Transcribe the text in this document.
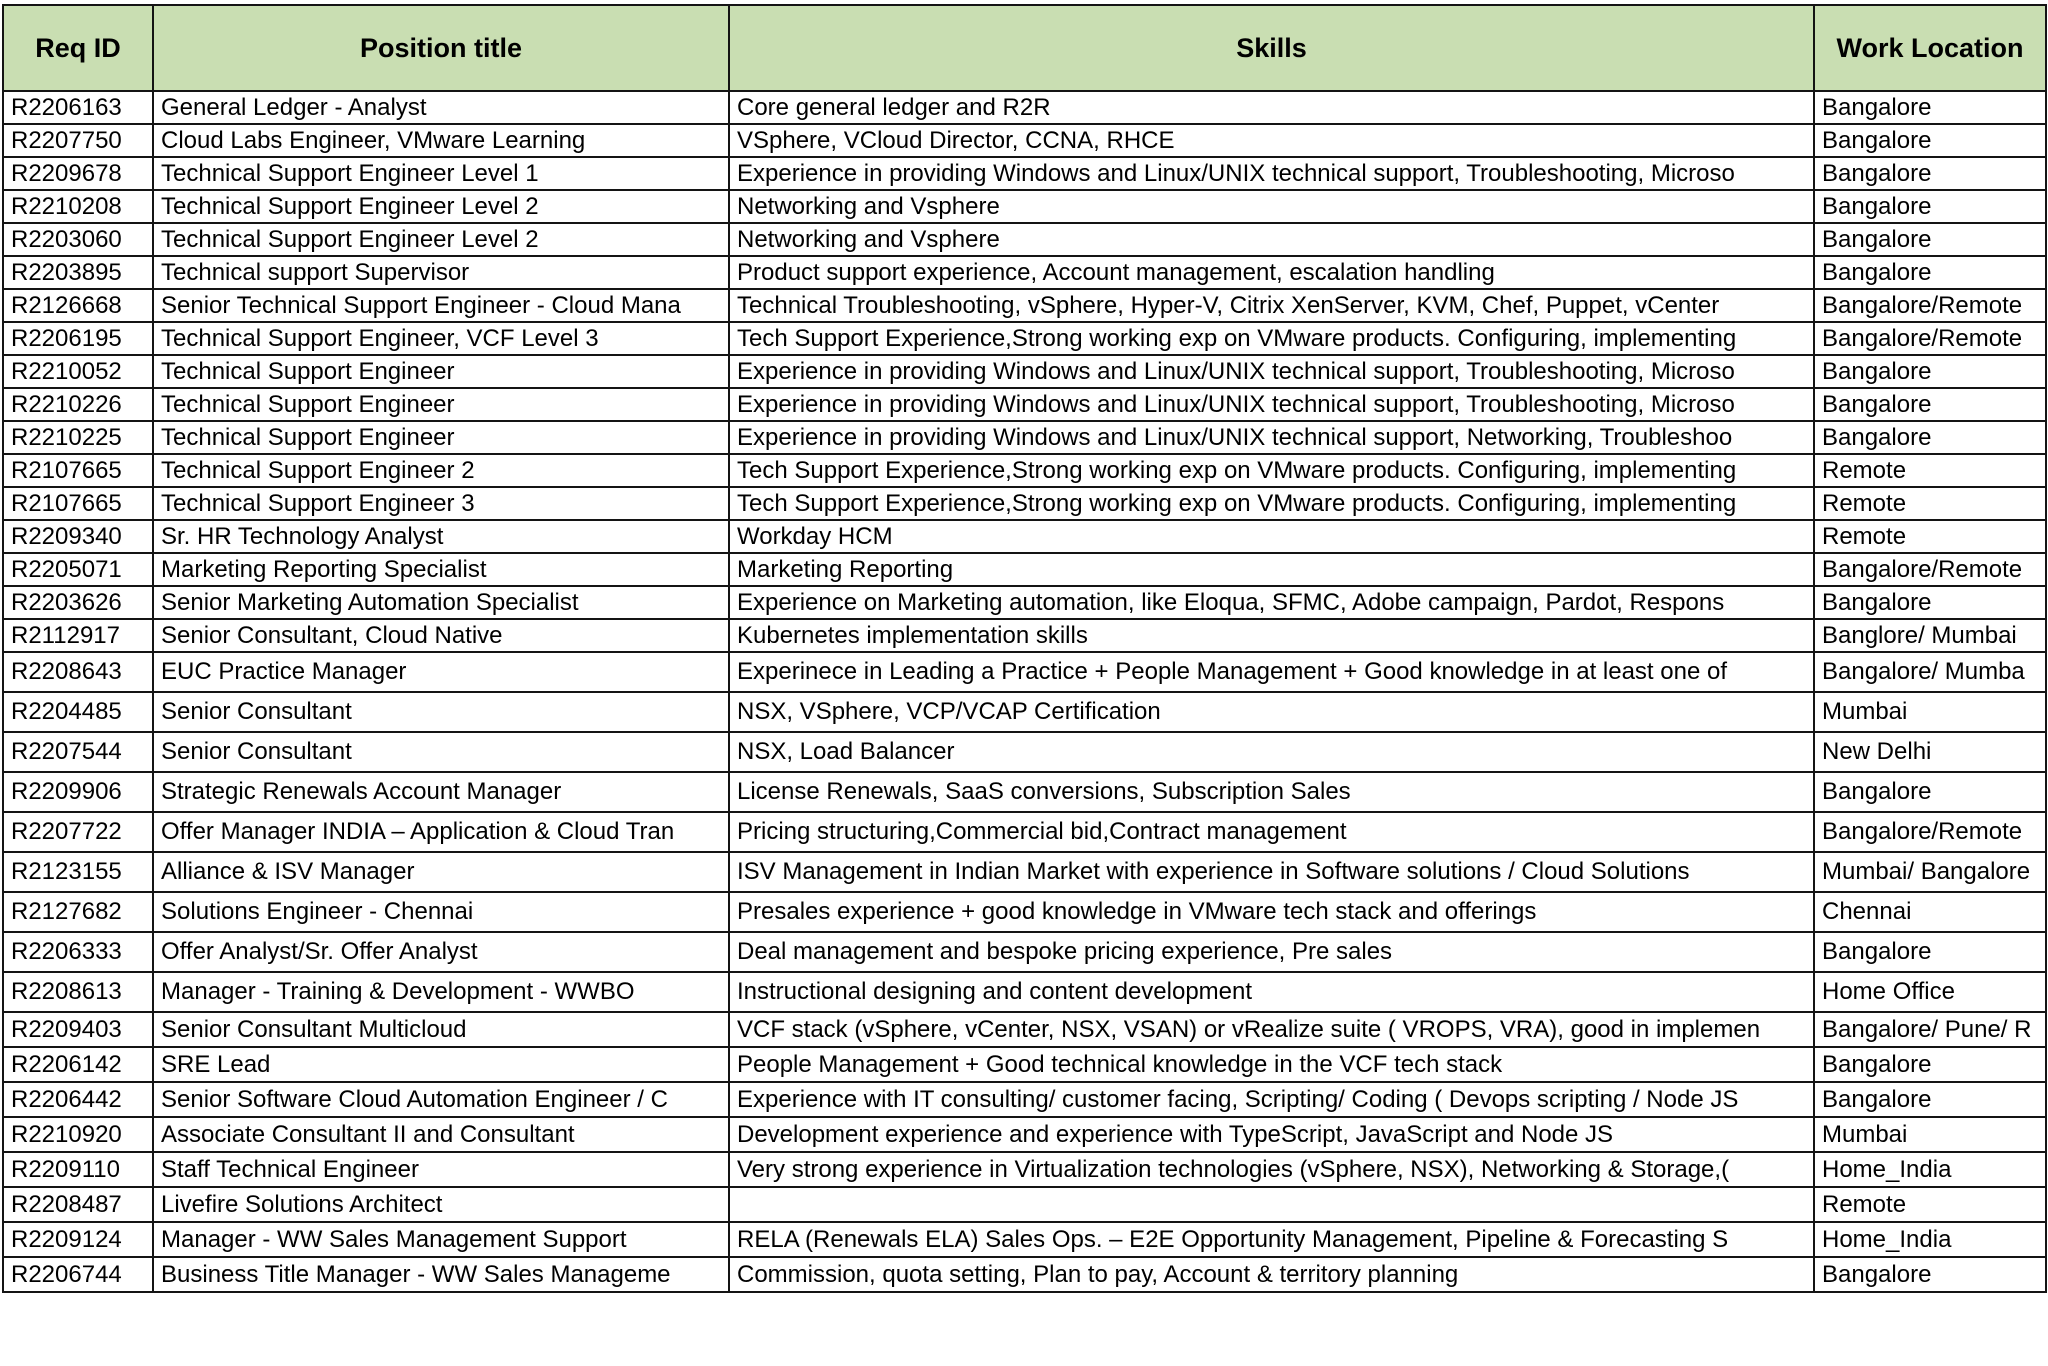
Req ID	Position title	Skills	Work Location
R2206163	General Ledger - Analyst	Core general ledger and R2R	Bangalore
R2207750	Cloud Labs Engineer, VMware Learning	VSphere, VCloud Director, CCNA, RHCE	Bangalore
R2209678	Technical Support Engineer Level 1	Experience in providing Windows and Linux/UNIX technical support, Troubleshooting, Microso	Bangalore
R2210208	Technical Support Engineer Level 2	Networking and Vsphere	Bangalore
R2203060	Technical Support Engineer Level 2	Networking and Vsphere	Bangalore
R2203895	Technical support Supervisor	Product support experience, Account management, escalation handling	Bangalore
R2126668	Senior Technical Support Engineer - Cloud Mana	Technical Troubleshooting, vSphere, Hyper-V, Citrix XenServer, KVM, Chef, Puppet, vCenter	Bangalore/Remote
R2206195	Technical Support Engineer, VCF Level 3	Tech Support Experience,Strong working exp on VMware products. Configuring, implementing	Bangalore/Remote
R2210052	Technical Support Engineer	Experience in providing Windows and Linux/UNIX technical support, Troubleshooting, Microso	Bangalore
R2210226	Technical Support Engineer	Experience in providing Windows and Linux/UNIX technical support, Troubleshooting, Microso	Bangalore
R2210225	Technical Support Engineer	Experience in providing Windows and Linux/UNIX technical support, Networking, Troubleshoo	Bangalore
R2107665	Technical Support Engineer 2	Tech Support Experience,Strong working exp on VMware products. Configuring, implementing	Remote
R2107665	Technical Support Engineer 3	Tech Support Experience,Strong working exp on VMware products. Configuring, implementing	Remote
R2209340	Sr. HR Technology Analyst	Workday HCM	Remote
R2205071	Marketing Reporting Specialist	Marketing Reporting	Bangalore/Remote
R2203626	Senior Marketing Automation Specialist	Experience on Marketing automation, like Eloqua, SFMC, Adobe campaign, Pardot, Respons	Bangalore
R2112917	Senior Consultant, Cloud Native	Kubernetes implementation skills	Banglore/ Mumbai
R2208643	EUC Practice Manager	Experinece in Leading a Practice + People Management + Good knowledge in at least one of	Bangalore/ Mumba
R2204485	Senior Consultant	NSX, VSphere, VCP/VCAP Certification	Mumbai
R2207544	Senior Consultant	NSX, Load Balancer	New Delhi
R2209906	Strategic Renewals Account Manager	License Renewals, SaaS conversions, Subscription Sales	Bangalore
R2207722	Offer Manager INDIA – Application & Cloud Tran	Pricing structuring,Commercial bid,Contract management	Bangalore/Remote
R2123155	Alliance & ISV Manager	ISV Management in Indian Market with experience in Software solutions / Cloud Solutions	Mumbai/ Bangalore
R2127682	Solutions Engineer - Chennai	Presales experience + good knowledge in VMware tech stack and offerings	Chennai
R2206333	Offer Analyst/Sr. Offer Analyst	Deal management and bespoke pricing experience, Pre sales	Bangalore
R2208613	Manager - Training & Development - WWBO	Instructional designing and content development	Home Office
R2209403	Senior Consultant Multicloud	VCF stack (vSphere, vCenter, NSX, VSAN) or vRealize suite ( VROPS, VRA), good in implemen	Bangalore/ Pune/ R
R2206142	SRE Lead	People Management + Good technical knowledge in the VCF tech stack	Bangalore
R2206442	Senior Software Cloud Automation Engineer / C	Experience with IT consulting/ customer facing, Scripting/ Coding ( Devops scripting / Node JS	Bangalore
R2210920	Associate Consultant II and Consultant	Development experience and experience with TypeScript, JavaScript and Node JS	Mumbai
R2209110	Staff Technical Engineer	Very strong experience in Virtualization technologies (vSphere, NSX), Networking & Storage,(	Home_India
R2208487	Livefire Solutions Architect		Remote
R2209124	Manager - WW Sales Management Support	RELA (Renewals ELA) Sales Ops. – E2E Opportunity Management, Pipeline & Forecasting S	Home_India
R2206744	Business Title Manager - WW Sales Manageme	Commission, quota setting, Plan to pay, Account & territory planning	Bangalore
